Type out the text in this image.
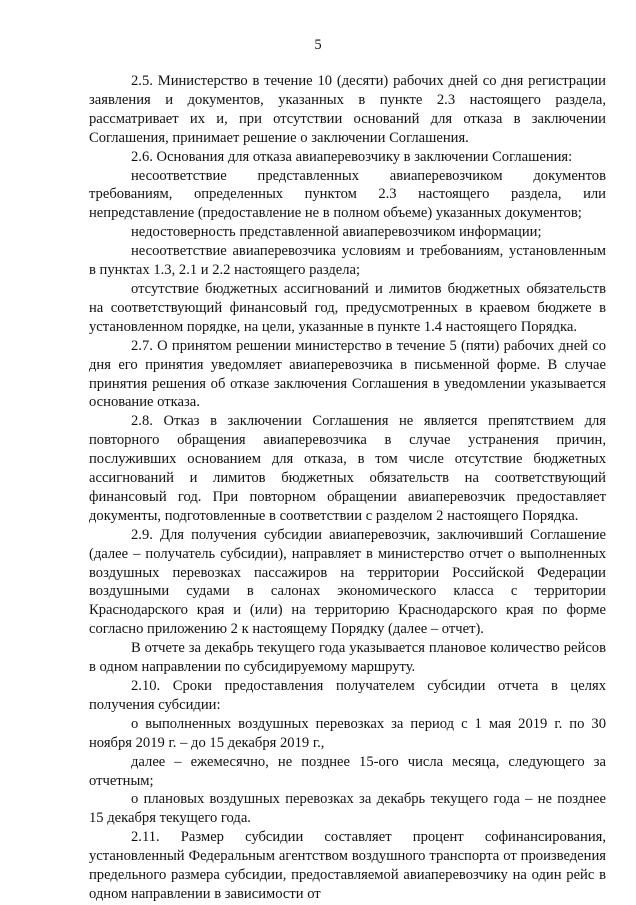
5

2.5. Министерство в течение 10 (десяти) рабочих дней со дня регистрации заявления и документов, указанных в пункте 2.3 настоящего раздела, рассматривает их и, при отсутствии оснований для отказа в заключении Соглашения, принимает решение о заключении Соглашения.

2.6. Основания для отказа авиаперевозчику в заключении Соглашения:

несоответствие представленных авиаперевозчиком документов требованиям, определенных пунктом 2.3 настоящего раздела, или непредставление (предоставление не в полном объеме) указанных документов;

недостоверность представленной авиаперевозчиком информации;

несоответствие авиаперевозчика условиям и требованиям, установленным в пунктах 1.3, 2.1 и 2.2 настоящего раздела;

отсутствие бюджетных ассигнований и лимитов бюджетных обязательств на соответствующий финансовый год, предусмотренных в краевом бюджете в установленном порядке, на цели, указанные в пункте 1.4 настоящего Порядка.

2.7. О принятом решении министерство в течение 5 (пяти) рабочих дней со дня его принятия уведомляет авиаперевозчика в письменной форме. В случае принятия решения об отказе заключения Соглашения в уведомлении указывается основание отказа.

2.8. Отказ в заключении Соглашения не является препятствием для повторного обращения авиаперевозчика в случае устранения причин, послуживших основанием для отказа, в том числе отсутствие бюджетных ассигнований и лимитов бюджетных обязательств на соответствующий финансовый год. При повторном обращении авиаперевозчик предоставляет документы, подготовленные в соответствии с разделом 2 настоящего Порядка.

2.9. Для получения субсидии авиаперевозчик, заключивший Соглашение (далее – получатель субсидии), направляет в министерство отчет о выполненных воздушных перевозках пассажиров на территории Российской Федерации воздушными судами в салонах экономического класса с территории Краснодарского края и (или) на территорию Краснодарского края по форме согласно приложению 2 к настоящему Порядку (далее – отчет).

В отчете за декабрь текущего года указывается плановое количество рейсов в одном направлении по субсидируемому маршруту.

2.10. Сроки предоставления получателем субсидии отчета в целях получения субсидии:

о выполненных воздушных перевозках за период с 1 мая 2019 г. по 30 ноября 2019 г. – до 15 декабря 2019 г.,

далее – ежемесячно, не позднее 15-ого числа месяца, следующего за отчетным;

о плановых воздушных перевозках за декабрь текущего года – не позднее 15 декабря текущего года.

2.11. Размер субсидии составляет процент софинансирования, установленный Федеральным агентством воздушного транспорта от произведения предельного размера субсидии, предоставляемой авиаперевозчику на один рейс в одном направлении в зависимости от
